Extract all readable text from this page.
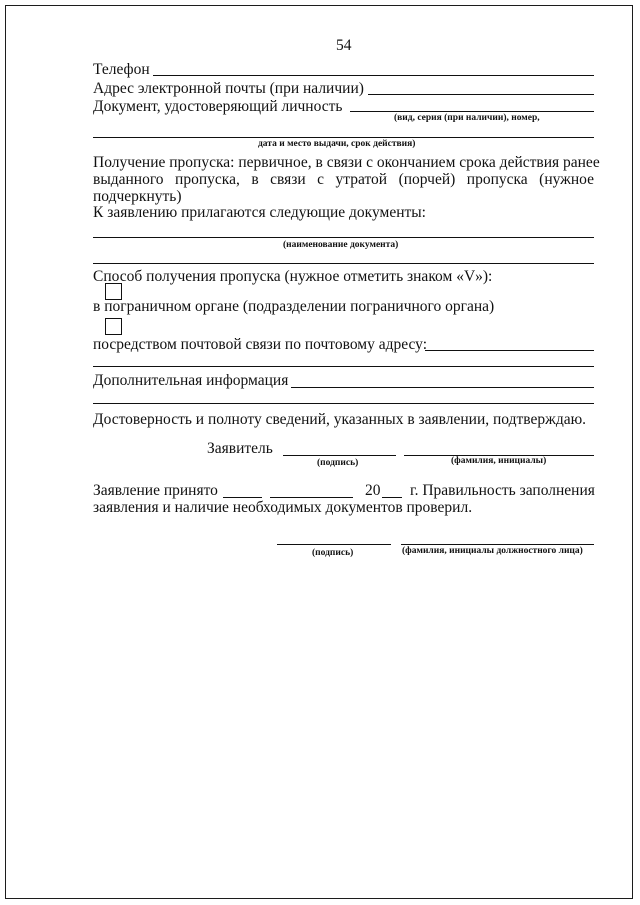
54
Телефон
Адрес электронной почты (при наличии)
Документ, удостоверяющий личность
(вид, серия (при наличии), номер,
дата и место выдачи, срок действия)
Получение пропуска: первичное, в связи с окончанием срока действия ранее
выданного пропуска, в связи с утратой (порчей) пропуска (нужное
подчеркнуть)
К заявлению прилагаются следующие документы:
(наименование документа)
Способ получения пропуска (нужное отметить знаком «V»):
в пограничном органе (подразделении пограничного органа)
посредством почтовой связи по почтовому адресу:
Дополнительная информация
Достоверность и полноту сведений, указанных в заявлении, подтверждаю.
Заявитель
(подпись)	(фамилия, инициалы)
Заявление принято	20 г. Правильность заполнения
заявления и наличие необходимых документов проверил.
(подпись)	(фамилия, инициалы должностного лица)
